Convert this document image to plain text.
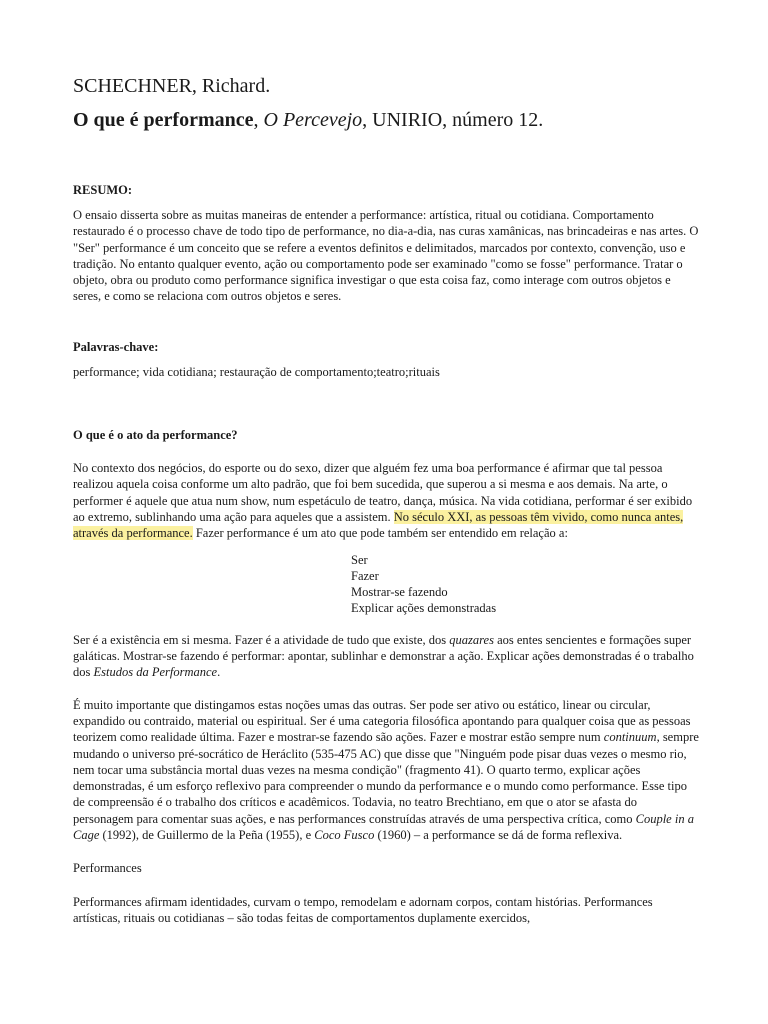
SCHECHNER, Richard.
O que é performance, O Percevejo, UNIRIO, número 12.

RESUMO:

O ensaio disserta sobre as muitas maneiras de entender a performance: artística, ritual ou cotidiana. Comportamento restaurado é o processo chave de todo tipo de performance, no dia-a-dia, nas curas xamânicas, nas brincadeiras e nas artes. O "Ser" performance é um conceito que se refere a eventos definitos e delimitados, marcados por contexto, convenção, uso e tradição. No entanto qualquer evento, ação ou comportamento pode ser examinado "como se fosse" performance. Tratar o objeto, obra ou produto como performance significa investigar o que esta coisa faz, como interage com outros objetos e seres, e como se relaciona com outros objetos e seres.

Palavras-chave:

performance; vida cotidiana; restauração de comportamento;teatro;rituais

O que é o ato da performance?

No contexto dos negócios, do esporte ou do sexo, dizer que alguém fez uma boa performance é afirmar que tal pessoa realizou aquela coisa conforme um alto padrão, que foi bem sucedida, que superou a si mesma e aos demais. Na arte, o performer é aquele que atua num show, num espetáculo de teatro, dança, música. Na vida cotidiana, performar é ser exibido ao extremo, sublinhando uma ação para aqueles que a assistem. No século XXI, as pessoas têm vivido, como nunca antes, através da performance. Fazer performance é um ato que pode também ser entendido em relação a:

Ser
Fazer
Mostrar-se fazendo
Explicar ações demonstradas

Ser é a existência em si mesma. Fazer é a atividade de tudo que existe, dos quazares aos entes sencientes e formações super galáticas. Mostrar-se fazendo é performar: apontar, sublinhar e demonstrar a ação. Explicar ações demonstradas é o trabalho dos Estudos da Performance.

É muito importante que distingamos estas noções umas das outras. Ser pode ser ativo ou estático, linear ou circular, expandido ou contraido, material ou espiritual. Ser é uma categoria filosófica apontando para qualquer coisa que as pessoas teorizem como realidade última. Fazer e mostrar-se fazendo são ações. Fazer e mostrar estão sempre num continuum, sempre mudando o universo pré-socrático de Heráclito (535-475 AC) que disse que "Ninguém pode pisar duas vezes o mesmo rio, nem tocar uma substância mortal duas vezes na mesma condição" (fragmento 41). O quarto termo, explicar ações demonstradas, é um esforço reflexivo para compreender o mundo da performance e o mundo como performance. Esse tipo de compreensão é o trabalho dos críticos e acadêmicos. Todavia, no teatro Brechtiano, em que o ator se afasta do personagem para comentar suas ações, e nas performances construídas através de uma perspectiva crítica, como Couple in a Cage (1992), de Guillermo de la Peña (1955), e Coco Fusco (1960) – a performance se dá de forma reflexiva.

Performances

Performances afirmam identidades, curvam o tempo, remodelam e adornam corpos, contam histórias. Performances artísticas, rituais ou cotidianas – são todas feitas de comportamentos duplamente exercidos,
